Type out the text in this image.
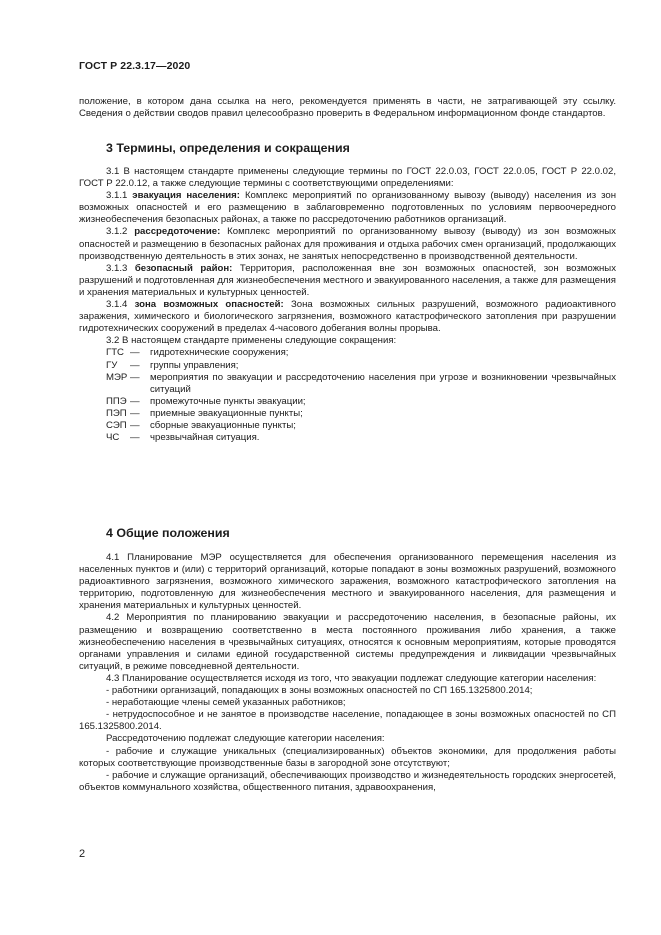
ГОСТ Р 22.3.17—2020

положение, в котором дана ссылка на него, рекомендуется применять в части, не затрагивающей эту ссылку. Сведения о действии сводов правил целесообразно проверить в Федеральном информационном фонде стандартов.

3 Термины, определения и сокращения

3.1 В настоящем стандарте применены следующие термины по ГОСТ 22.0.03, ГОСТ 22.0.05, ГОСТ Р 22.0.02, ГОСТ Р 22.0.12, а также следующие термины с соответствующими определениями:

3.1.1 эвакуация населения: Комплекс мероприятий по организованному вывозу (выводу) населения из зон возможных опасностей и его размещению в заблаговременно подготовленных по условиям первоочередного жизнеобеспечения безопасных районах, а также по рассредоточению работников организаций.

3.1.2 рассредоточение: Комплекс мероприятий по организованному вывозу (выводу) из зон возможных опасностей и размещению в безопасных районах для проживания и отдыха рабочих смен организаций, продолжающих производственную деятельность в этих зонах, не занятых непосредственно в производственной деятельности.

3.1.3 безопасный район: Территория, расположенная вне зон возможных опасностей, зон возможных разрушений и подготовленная для жизнеобеспечения местного и эвакуированного населения, а также для размещения и хранения материальных и культурных ценностей.

3.1.4 зона возможных опасностей: Зона возможных сильных разрушений, возможного радиоактивного заражения, химического и биологического загрязнения, возможного катастрофического затопления при разрушении гидротехнических сооружений в пределах 4-часового добегания волны прорыва.

3.2 В настоящем стандарте применены следующие сокращения:

ГТС —	гидротехнические сооружения;
ГУ	—	группы управления;
МЭР —	мероприятия по эвакуации и рассредоточению населения при угрозе и возникновении чрезвычайных ситуаций
ППЭ —	промежуточные пункты эвакуации;
ПЭП —	приемные эвакуационные пункты;
СЭП —	сборные эвакуационные пункты;
ЧС	—	чрезвычайная ситуация.
4 Общие положения

4.1 Планирование МЭР осуществляется для обеспечения организованного перемещения населения из населенных пунктов и (или) с территорий организаций, которые попадают в зоны возможных разрушений, возможного радиоактивного загрязнения, возможного химического заражения, возможного катастрофического затопления на территорию, подготовленную для жизнеобеспечения местного и эвакуированного населения, для размещения и хранения материальных и культурных ценностей.

4.2 Мероприятия по планированию эвакуации и рассредоточению населения, в безопасные районы, их размещению и возвращению соответственно в места постоянного проживания либо хранения, а также жизнеобеспечению населения в чрезвычайных ситуациях, относятся к основным мероприятиям, которые проводятся органами управления и силами единой государственной системы предупреждения и ликвидации чрезвычайных ситуаций, в режиме повседневной деятельности.

4.3 Планирование осуществляется исходя из того, что эвакуации подлежат следующие категории населения:

- работники организаций, попадающих в зоны возможных опасностей по СП 165.1325800.2014;

- неработающие члены семей указанных работников;

- нетрудоспособное и не занятое в производстве население, попадающее в зоны возможных опасностей по СП 165.1325800.2014.

Рассредоточению подлежат следующие категории населения:

- рабочие и служащие уникальных (специализированных) объектов экономики, для продолжения работы которых соответствующие производственные базы в загородной зоне отсутствуют;

- рабочие и служащие организаций, обеспечивающих производство и жизнедеятельность городских энергосетей, объектов коммунального хозяйства, общественного питания, здравоохранения,

2
